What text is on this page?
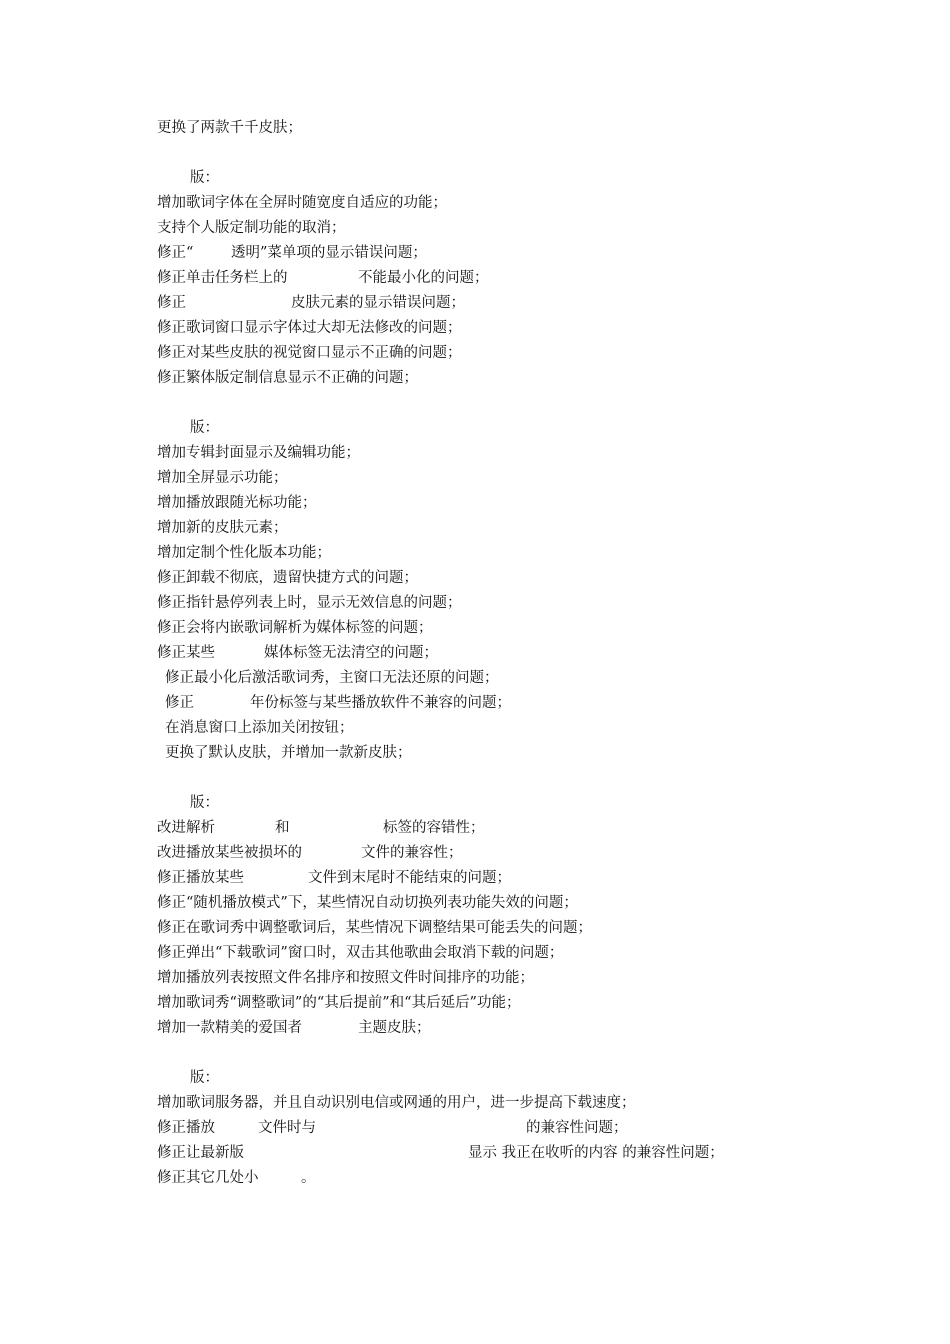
更换了两款千千皮肤；

版：

增加歌词字体在全屏时随宽度自适应的功能；

支持个人版定制功能的取消；

修正“

	透明”菜单项的显示错误问题；

修正单击任务栏上的

	不能最小化的问题；

修正

	皮肤元素的显示错误问题；

修正歌词窗口显示字体过大却无法修改的问题；

修正对某些皮肤的视觉窗口显示不正确的问题；

修正繁体版定制信息显示不正确的问题；

版：

增加专辑封面显示及编辑功能；

增加全屏显示功能；

增加播放跟随光标功能；

增加新的皮肤元素；

增加定制个性化版本功能；

修正卸载不彻底，遗留快捷方式的问题；

修正指针悬停列表上时，显示无效信息的问题；

修正会将内嵌歌词解析为媒体标签的问题；

修正某些

	媒体标签无法清空的问题；

修正最小化后激活歌词秀，主窗口无法还原的问题；

修正

	年份标签与某些播放软件不兼容的问题；

在消息窗口上添加关闭按钮；

更换了默认皮肤，并增加一款新皮肤；

版：

改进解析

	和

	标签的容错性；

改进播放某些被损坏的

	文件的兼容性；

修正播放某些

	文件到末尾时不能结束的问题；

修正“随机播放模式”下，某些情况自动切换列表功能失效的问题；

修正在歌词秀中调整歌词后，某些情况下调整结果可能丢失的问题；

修正弹出“下载歌词”窗口时，双击其他歌曲会取消下载的问题；

增加播放列表按照文件名排序和按照文件时间排序的功能；

增加歌词秀“调整歌词”的“其后提前”和“其后延后”功能；

增加一款精美的爱国者

	主题皮肤；

版：

增加歌词服务器，并且自动识别电信或网通的用户，进一步提高下载速度；

修正播放

	文件时与

	的兼容性问题；

修正让最新版

	显示 我正在收听的内容 的兼容性问题；

修正其它几处小

	。
